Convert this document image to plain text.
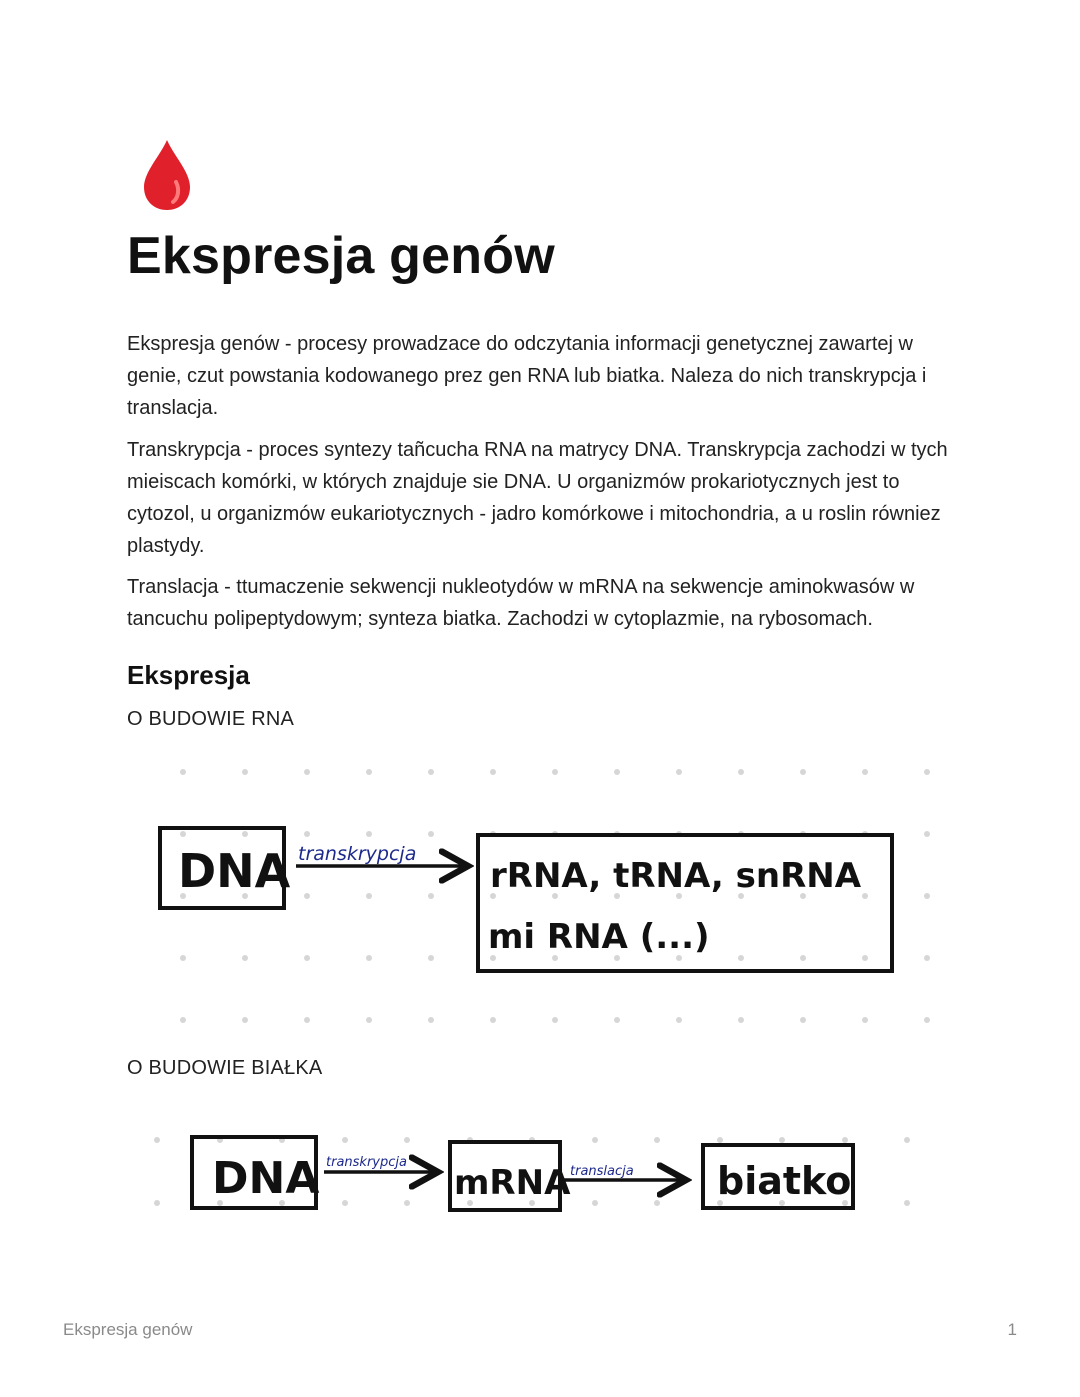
Ekspresja genów

Ekspresja genów - procesy prowadzace do odczytania informacji genetycznej zawartej w genie, czut powstania kodowanego prez gen RNA lub biatka. Naleza do nich transkrypcja i translacja.

Transkrypcja - proces syntezy tañcucha RNA na matrycy DNA. Transkrypcja zachodzi w tych mieiscach komórki, w których znajduje sie DNA. U organizmów prokariotycznych jest to cytozol, u organizmów eukariotycznych - jadro komórkowe i mitochondria, a u roslin równiez plastydy.

Translacja - ttumaczenie sekwencji nukleotydów w mRNA na sekwencje aminokwasów w tancuchu polipeptydowym; synteza biatka. Zachodzi w cytoplazmie, na rybosomach.

Ekspresja

O BUDOWIE RNA

O BUDOWIE BIAŁKA

DNA transkrypcja
rRNA, tRNA, snRNA
mi RNA (...)
DNA transkrypcja
mRNA translacja biatko
Ekspresja genów	1
